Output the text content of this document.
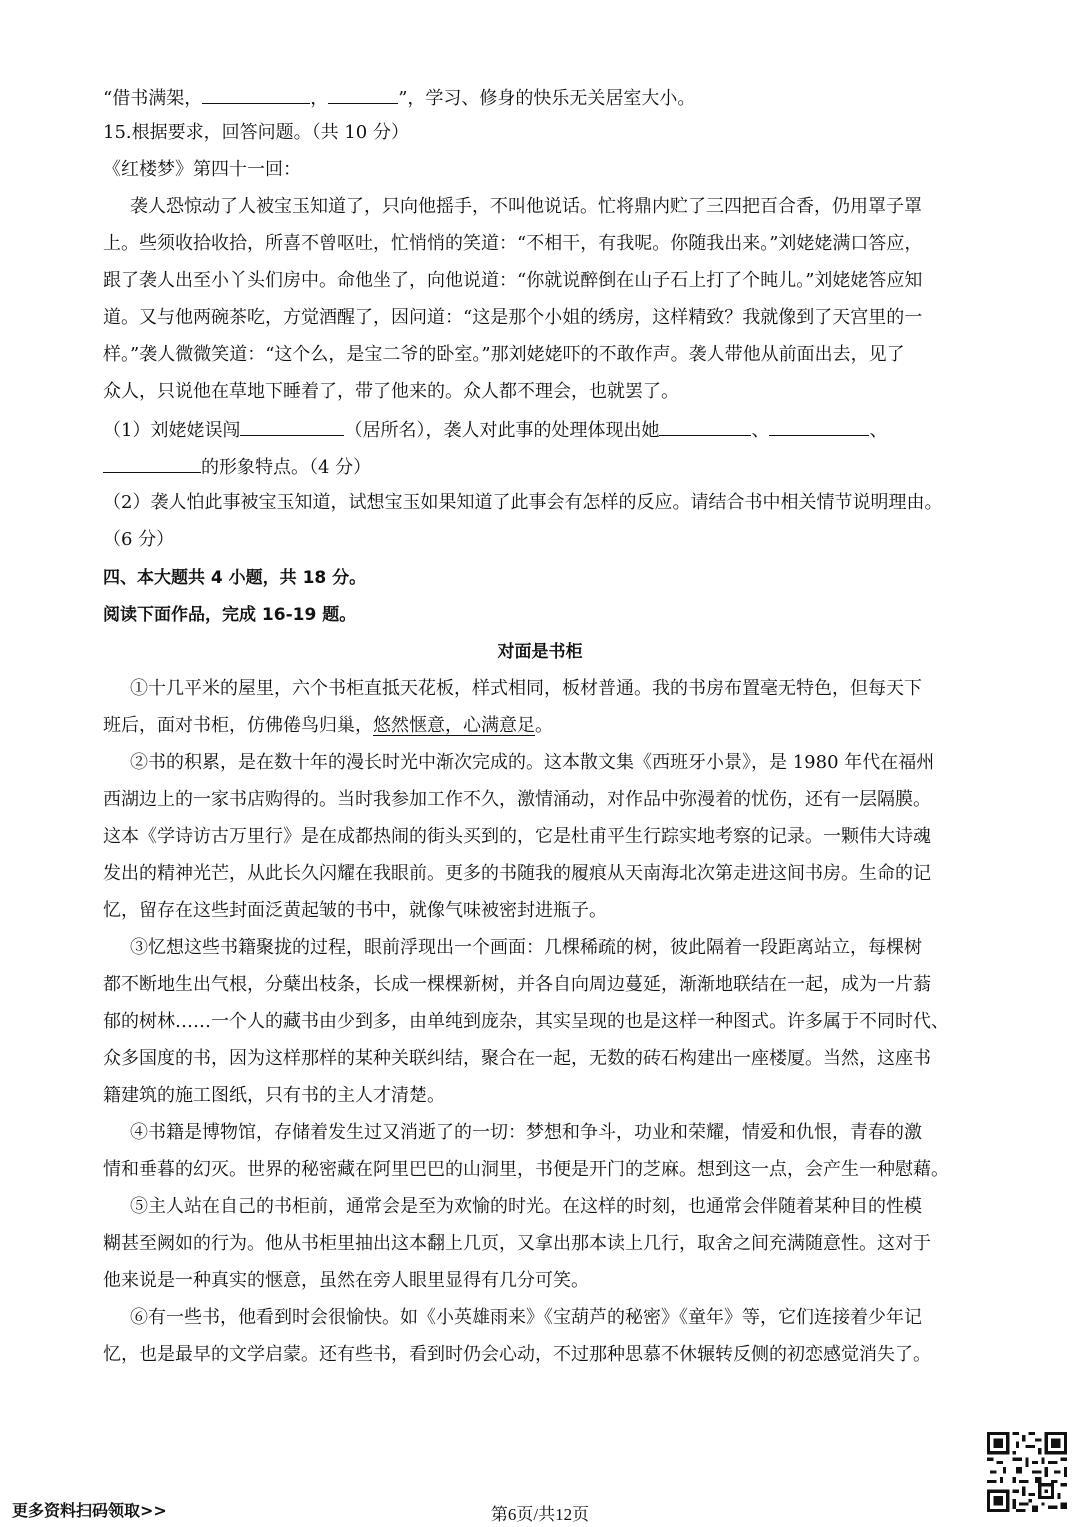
“借书满架，	，	”，学习、修身的快乐无关居室大小。
15.根据要求，回答问题。（共 10 分）
《红楼梦》第四十一回：
袭人恐惊动了人被宝玉知道了，只向他摇手，不叫他说话。忙将鼎内贮了三四把百合香，仍用罩子罩
上。些须收拾收拾，所喜不曾呕吐，忙悄悄的笑道：“不相干，有我呢。你随我出来。”刘姥姥满口答应，
跟了袭人出至小丫头们房中。命他坐了，向他说道：“你就说醉倒在山子石上打了个盹儿。”刘姥姥答应知
道。又与他两碗茶吃，方觉酒醒了，因问道：“这是那个小姐的绣房，这样精致？我就像到了天宫里的一
样。”袭人微微笑道：“这个么，是宝二爷的卧室。”那刘姥姥吓的不敢作声。袭人带他从前面出去，见了
众人，只说他在草地下睡着了，带了他来的。众人都不理会，也就罢了。
（1）刘姥姥误闯	（居所名），袭人对此事的处理体现出她	、	、
的形象特点。（4 分）
（2）袭人怕此事被宝玉知道，试想宝玉如果知道了此事会有怎样的反应。请结合书中相关情节说明理由。
（6 分）
四、本大题共 4 小题，共 18 分。
阅读下面作品，完成 16-19 题。
对面是书柜
①十几平米的屋里，六个书柜直抵天花板，样式相同，板材普通。我的书房布置毫无特色，但每天下
班后，面对书柜，仿佛倦鸟归巢，悠然惬意，心满意足。
②书的积累，是在数十年的漫长时光中渐次完成的。这本散文集《西班牙小景》，是 1980 年代在福州
西湖边上的一家书店购得的。当时我参加工作不久，激情涌动，对作品中弥漫着的忧伤，还有一层隔膜。
这本《学诗访古万里行》是在成都热闹的街头买到的，它是杜甫平生行踪实地考察的记录。一颗伟大诗魂
发出的精神光芒，从此长久闪耀在我眼前。更多的书随我的履痕从天南海北次第走进这间书房。生命的记
忆，留存在这些封面泛黄起皱的书中，就像气味被密封进瓶子。
③忆想这些书籍聚拢的过程，眼前浮现出一个画面：几棵稀疏的树，彼此隔着一段距离站立，每棵树
都不断地生出气根，分蘖出枝条，长成一棵棵新树，并各自向周边蔓延，渐渐地联结在一起，成为一片蓊
郁的树林……一个人的藏书由少到多，由单纯到庞杂，其实呈现的也是这样一种图式。许多属于不同时代、
众多国度的书，因为这样那样的某种关联纠结，聚合在一起，无数的砖石构建出一座楼厦。当然，这座书
籍建筑的施工图纸，只有书的主人才清楚。
④书籍是博物馆，存储着发生过又消逝了的一切：梦想和争斗，功业和荣耀，情爱和仇恨，青春的激
情和垂暮的幻灭。世界的秘密藏在阿里巴巴的山洞里，书便是开门的芝麻。想到这一点，会产生一种慰藉。
⑤主人站在自己的书柜前，通常会是至为欢愉的时光。在这样的时刻，也通常会伴随着某种目的性模
糊甚至阙如的行为。他从书柜里抽出这本翻上几页，又拿出那本读上几行，取舍之间充满随意性。这对于
他来说是一种真实的惬意，虽然在旁人眼里显得有几分可笑。
⑥有一些书，他看到时会很愉快。如《小英雄雨来》《宝葫芦的秘密》《童年》等，它们连接着少年记
忆，也是最早的文学启蒙。还有些书，看到时仍会心动，不过那种思慕不休辗转反侧的初恋感觉消失了。
更多资料扫码领取>>	第6页/共12页
